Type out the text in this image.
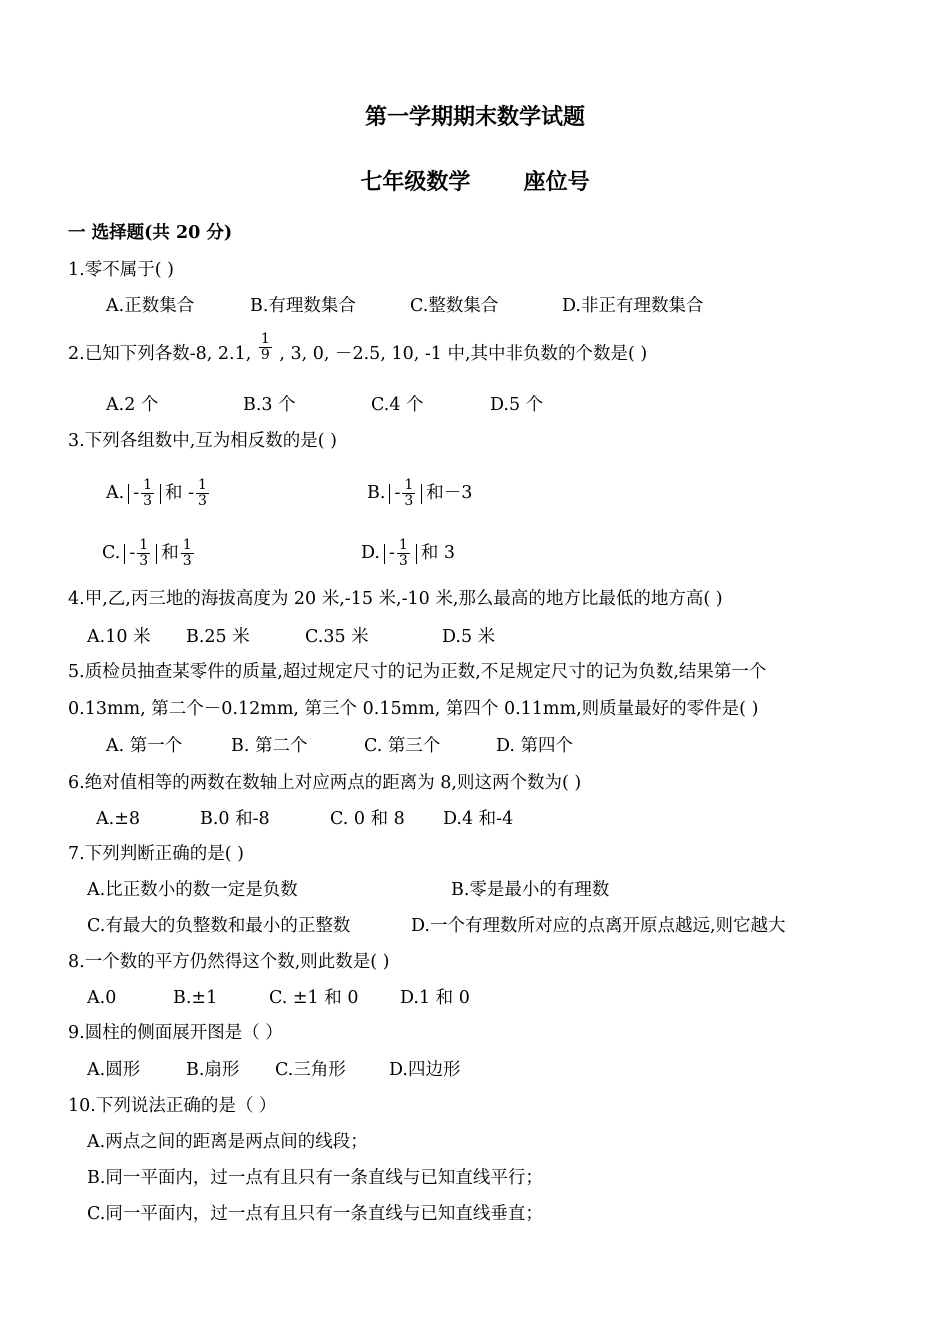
第一学期期末数学试题
七年级数学 座位号
一 选择题(共 20 分)
1.零不属于( )
A.正数集合	B.有理数集合	C.整数集合	D.非正有理数集合
2.已知下列各数-8, 2.1, $\frac{1}{9}$ , 3, 0, －2.5, 10, -1 中,其中非负数的个数是( )
A.2 个	B.3 个	C.4 个	D.5 个
3.下列各组数中,互为相反数的是( )
A. - $\frac{1}{3}$ 和 - $\frac{1}{3}$	B. - $\frac{1}{3}$ 和－3
C. - $\frac{1}{3}$ 和 $\frac{1}{3}$	D. - $\frac{1}{3}$ 和 3
4.甲,乙,丙三地的海拔高度为 20 米,-15 米,-10 米,那么最高的地方比最低的地方高( )
A.10 米 B.25 米	C.35 米	D.5 米
5.质检员抽查某零件的质量,超过规定尺寸的记为正数,不足规定尺寸的记为负数,结果第一个
0.13mm, 第二个－0.12mm, 第三个 0.15mm, 第四个 0.11mm,则质量最好的零件是( )
A. 第一个	B. 第二个	C. 第三个	D. 第四个
6.绝对值相等的两数在数轴上对应两点的距离为 8,则这两个数为( )
A.±8	B.0 和-8	C. 0 和 8 D.4 和-4
7.下列判断正确的是( )
A.比正数小的数一定是负数	B.零是最小的有理数
C.有最大的负整数和最小的正整数	D.一个有理数所对应的点离开原点越远,则它越大
8.一个数的平方仍然得这个数,则此数是( )
A.0	B.±1	C. ±1 和 0 D.1 和 0
9.圆柱的侧面展开图是（ ）
A.圆形	B.扇形 C.三角形 D.四边形
10.下列说法正确的是（ ）
A.两点之间的距离是两点间的线段；
B.同一平面内，过一点有且只有一条直线与已知直线平行；
C.同一平面内，过一点有且只有一条直线与已知直线垂直；
